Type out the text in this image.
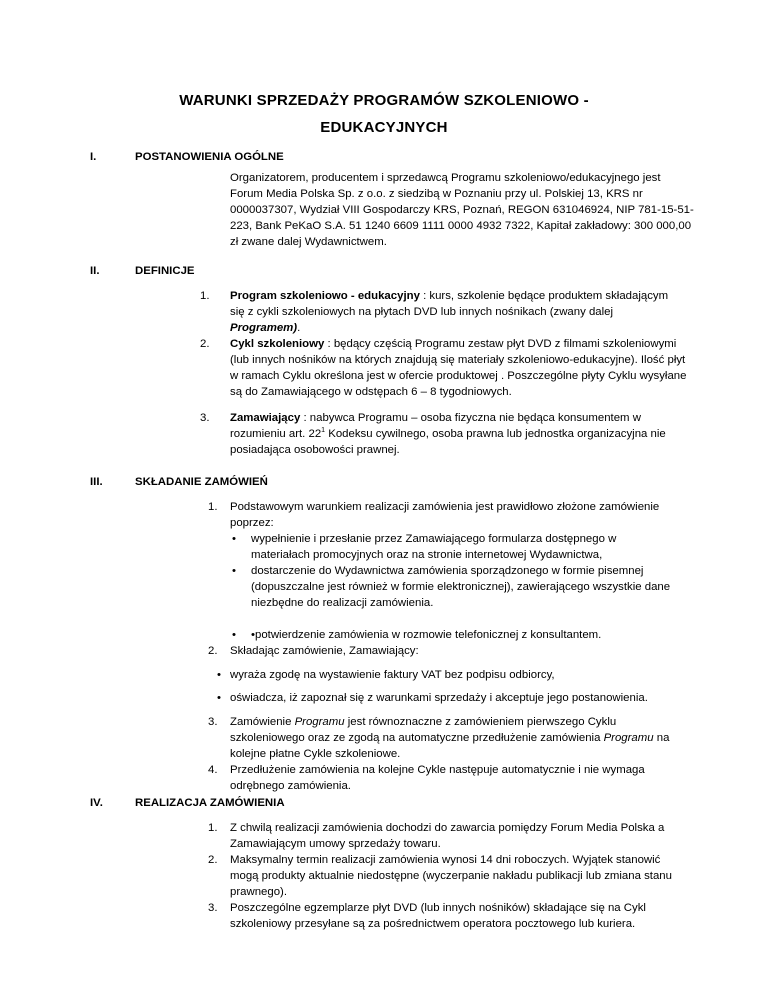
WARUNKI SPRZEDAŻY PROGRAMÓW SZKOLENIOWO -
EDUKACYJNYCH
I.	POSTANOWIENIA OGÓLNE
Organizatorem, producentem i sprzedawcą Programu szkoleniowo/edukacyjnego jest Forum Media Polska Sp. z o.o. z siedzibą w Poznaniu przy ul. Polskiej 13, KRS nr 0000037307, Wydział VIII Gospodarczy KRS, Poznań, REGON 631046924, NIP 781-15-51-223, Bank PeKaO S.A. 51 1240 6609 1111 0000 4932 7322, Kapitał zakładowy: 300 000,00 zł zwane dalej Wydawnictwem.
II.	DEFINICJE
1. Program szkoleniowo - edukacyjny : kurs, szkolenie będące produktem składającym się z cykli szkoleniowych na płytach DVD lub innych nośnikach (zwany dalej Programem).
2. Cykl szkoleniowy : będący częścią Programu zestaw płyt DVD z filmami szkoleniowymi (lub innych nośników na których znajdują się materiały szkoleniowo-edukacyjne). Ilość płyt w ramach Cyklu określona jest w ofercie produktowej . Poszczególne płyty Cyklu wysyłane są do Zamawiającego w odstępach 6 – 8 tygodniowych.
3. Zamawiający : nabywca Programu – osoba fizyczna nie będąca konsumentem w rozumieniu art. $22^1$ Kodeksu cywilnego, osoba prawna lub jednostka organizacyjna nie posiadająca osobowości prawnej.
III.	SKŁADANIE ZAMÓWIEŃ
1. Podstawowym warunkiem realizacji zamówienia jest prawidłowo złożone zamówienie poprzez:
• wypełnienie i przesłanie przez Zamawiającego formularza dostępnego w materiałach promocyjnych oraz na stronie internetowej Wydawnictwa,
• dostarczenie do Wydawnictwa zamówienia sporządzonego w formie pisemnej (dopuszczalne jest również w formie elektronicznej), zawierającego wszystkie dane niezbędne do realizacji zamówienia.
• •potwierdzenie zamówienia w rozmowie telefonicznej z konsultantem.
2. Składając zamówienie, Zamawiający:
• wyraża zgodę na wystawienie faktury VAT bez podpisu odbiorcy,
• oświadcza, iż zapoznał się z warunkami sprzedaży i akceptuje jego postanowienia.
3. Zamówienie Programu jest równoznaczne z zamówieniem pierwszego Cyklu szkoleniowego oraz ze zgodą na automatyczne przedłużenie zamówienia Programu na kolejne płatne Cykle szkoleniowe.
4. Przedłużenie zamówienia na kolejne Cykle następuje automatycznie i nie wymaga odrębnego zamówienia.
IV.	REALIZACJA ZAMÓWIENIA
1. Z chwilą realizacji zamówienia dochodzi do zawarcia pomiędzy Forum Media Polska a Zamawiającym umowy sprzedaży towaru.
2. Maksymalny termin realizacji zamówienia wynosi 14 dni roboczych. Wyjątek stanowić mogą produkty aktualnie niedostępne (wyczerpanie nakładu publikacji lub zmiana stanu prawnego).
3. Poszczególne egzemplarze płyt DVD (lub innych nośników) składające się na Cykl szkoleniowy przesyłane są za pośrednictwem operatora pocztowego lub kuriera.
